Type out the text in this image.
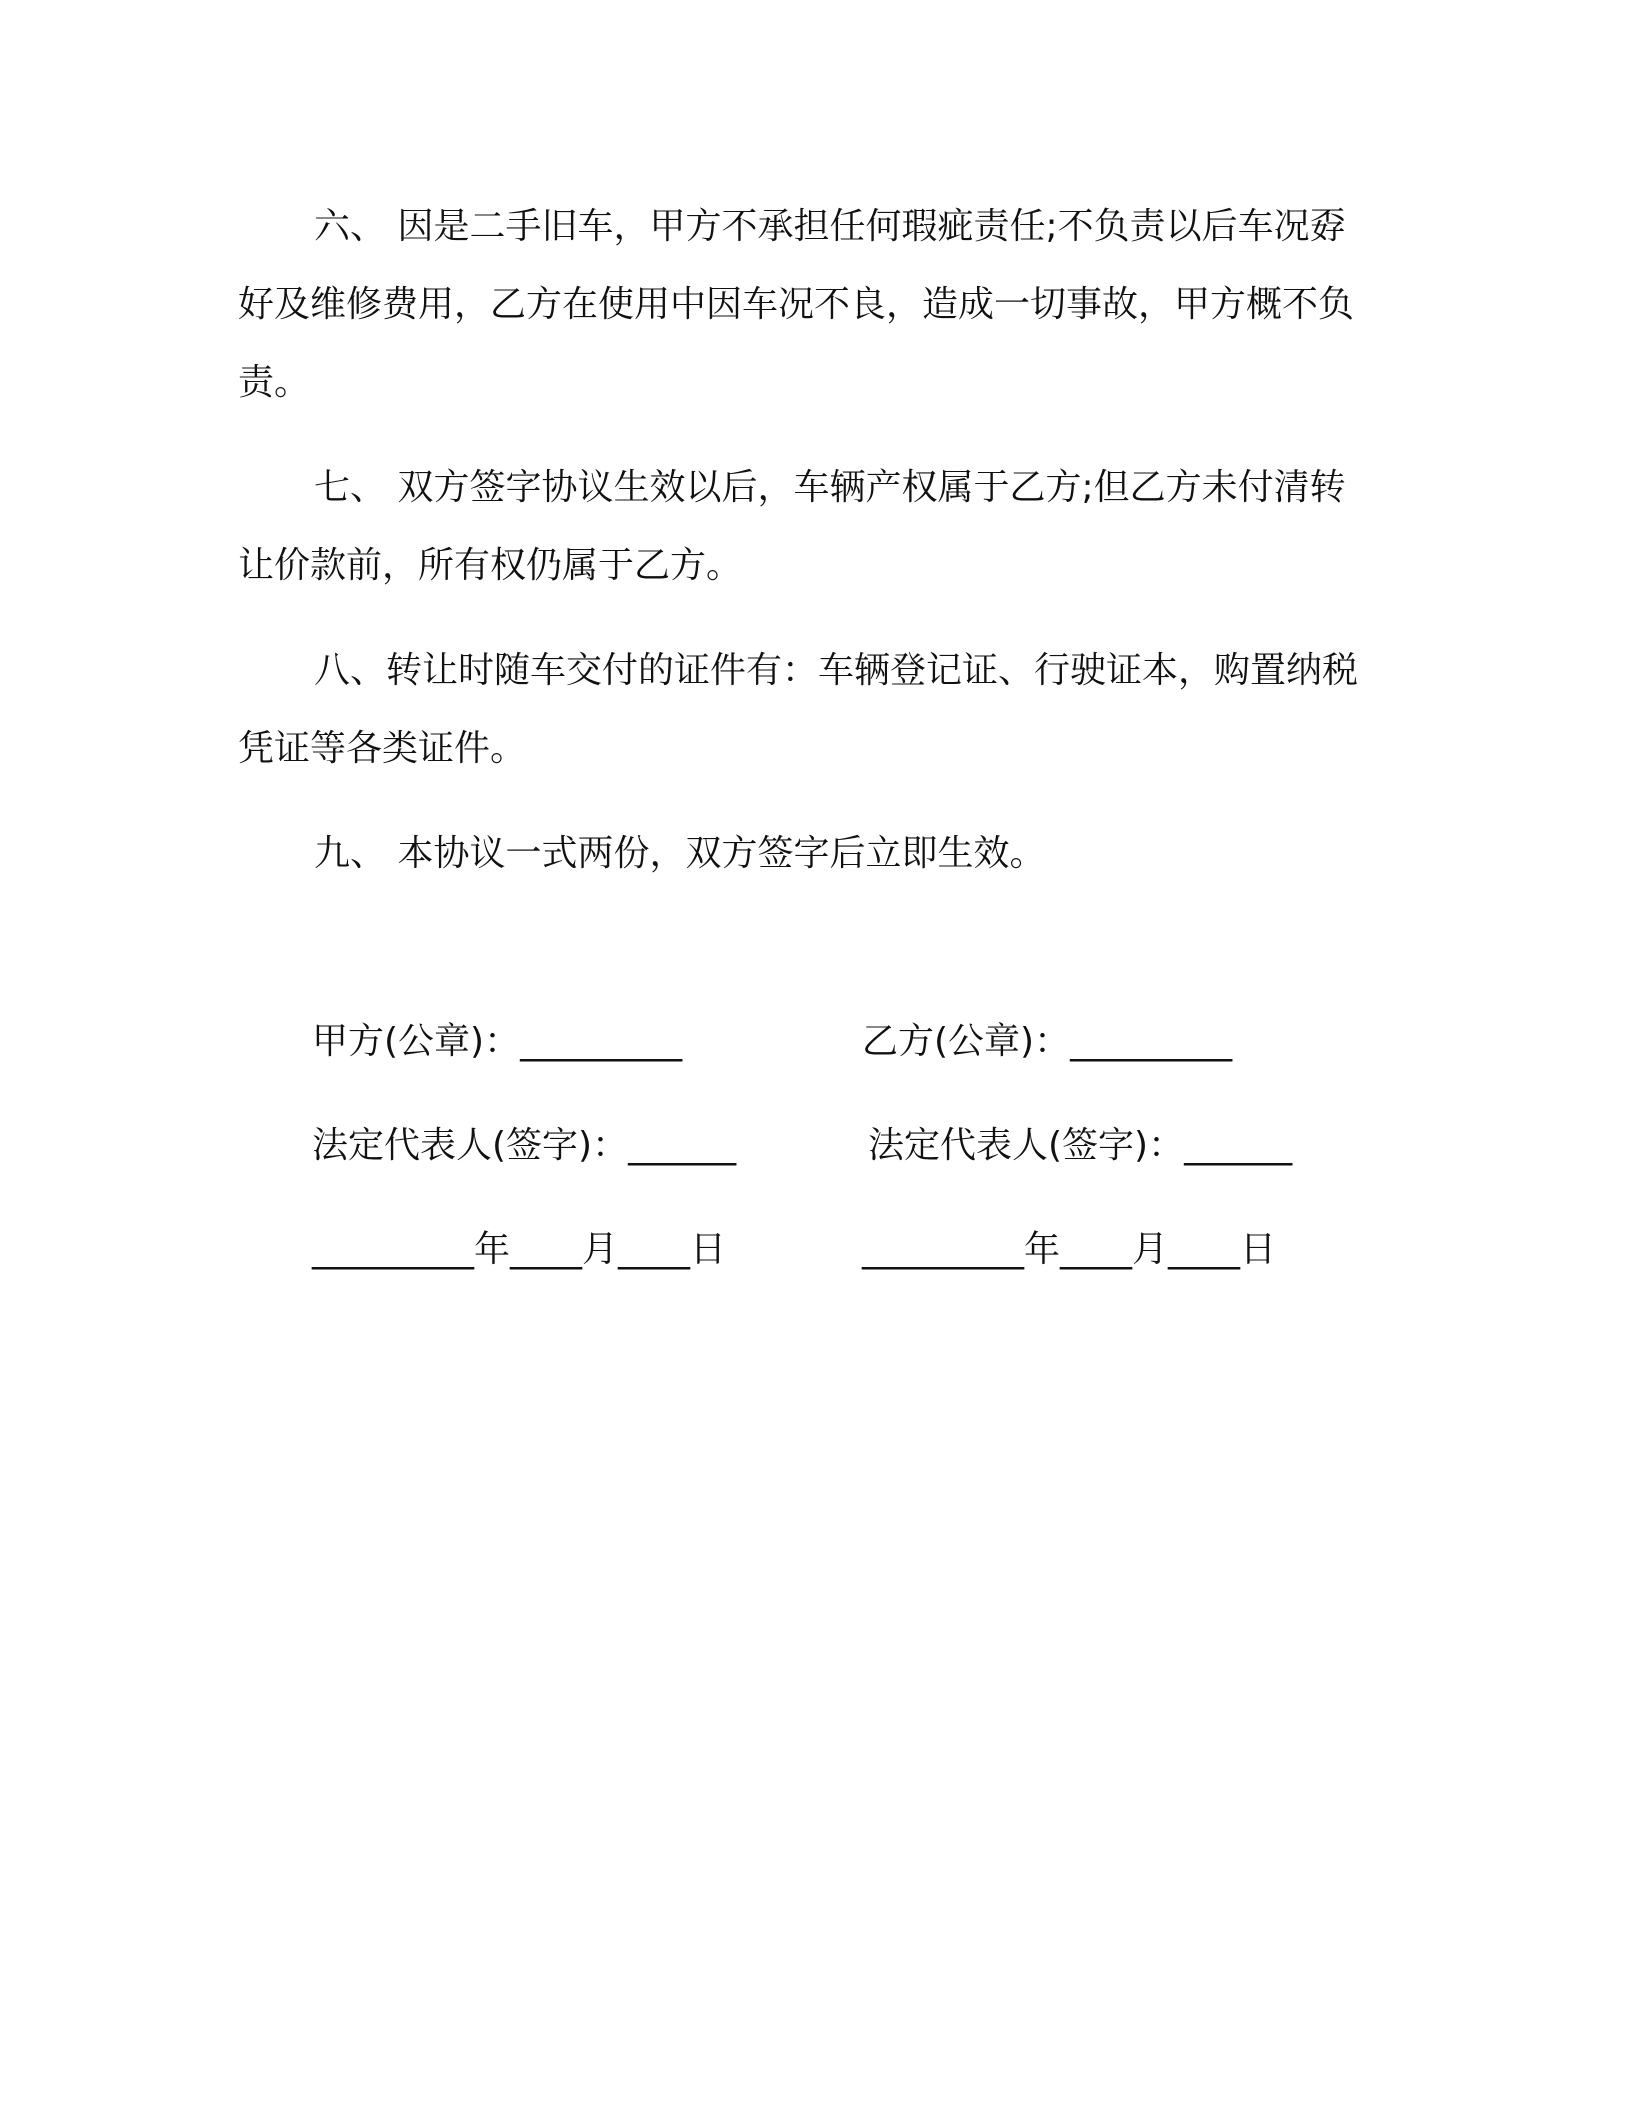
六、 因是二手旧车，甲方不承担任何瑕疵责任;不负责以后车况孬好及维修费用，乙方在使用中因车况不良，造成一切事故，甲方概不负责。

七、 双方签字协议生效以后，车辆产权属于乙方;但乙方未付清转让价款前，所有权仍属于乙方。

八、转让时随车交付的证件有：车辆登记证、行驶证本，购置纳税凭证等各类证件。

九、 本协议一式两份，双方签字后立即生效。

甲方(公章)：_________	乙方(公章)：_________
法定代表人(签字)：______	法定代表人(签字)：______
_________年____月____日	_________年____月____日
